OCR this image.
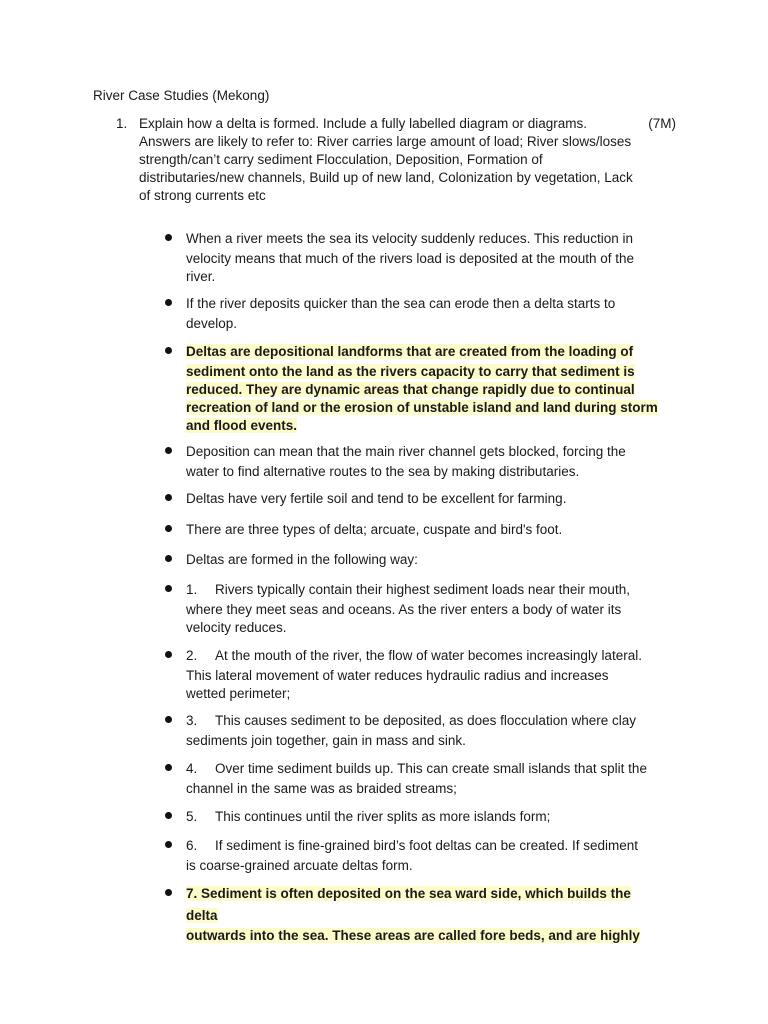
River Case Studies (Mekong)
1. Explain how a delta is formed. Include a fully labelled diagram or diagrams.	(7M)
Answers are likely to refer to: River carries large amount of load; River slows/loses
strength/can’t carry sediment Flocculation, Deposition, Formation of
distributaries/new channels, Build up of new land, Colonization by vegetation, Lack
of strong currents etc
When a river meets the sea its velocity suddenly reduces. This reduction in
velocity means that much of the rivers load is deposited at the mouth of the
river.
If the river deposits quicker than the sea can erode then a delta starts to
develop.
Deltas are depositional landforms that are created from the loading of
sediment onto the land as the rivers capacity to carry that sediment is
reduced. They are dynamic areas that change rapidly due to continual
recreation of land or the erosion of unstable island and land during storm
and flood events.
Deposition can mean that the main river channel gets blocked, forcing the
water to find alternative routes to the sea by making distributaries.
Deltas have very fertile soil and tend to be excellent for farming.
There are three types of delta; arcuate, cuspate and bird's foot.
Deltas are formed in the following way:
1. Rivers typically contain their highest sediment loads near their mouth,
where they meet seas and oceans. As the river enters a body of water its
velocity reduces.
2. At the mouth of the river, the flow of water becomes increasingly lateral.
This lateral movement of water reduces hydraulic radius and increases
wetted perimeter;
3. This causes sediment to be deposited, as does flocculation where clay
sediments join together, gain in mass and sink.
4. Over time sediment builds up. This can create small islands that split the
channel in the same was as braided streams;
5. This continues until the river splits as more islands form;
6. If sediment is fine-grained bird’s foot deltas can be created. If sediment
is coarse-grained arcuate deltas form.
7. Sediment is often deposited on the sea ward side, which builds the delta
outwards into the sea. These areas are called fore beds, and are highly
